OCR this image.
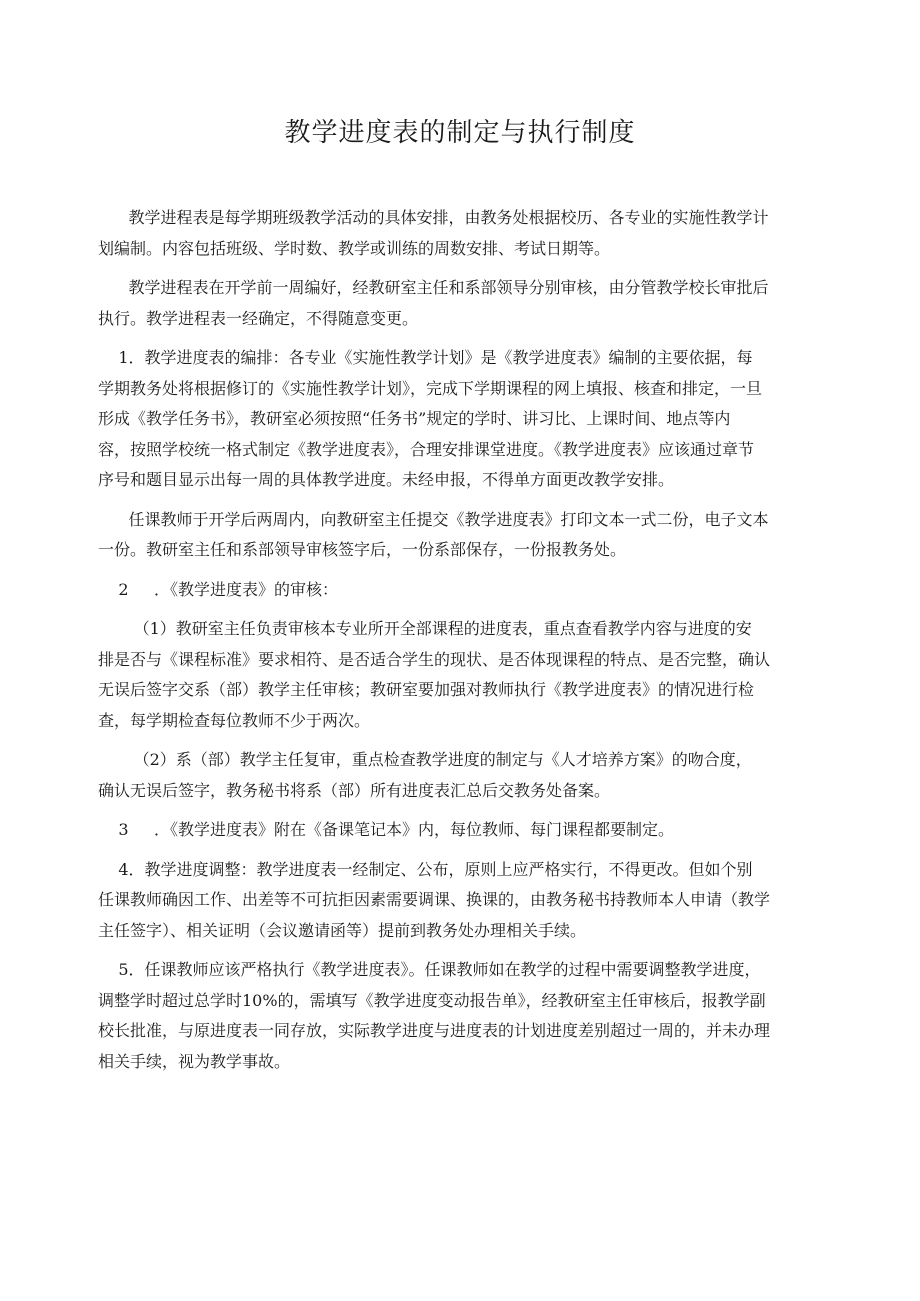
教学进度表的制定与执行制度
教学进程表是每学期班级教学活动的具体安排，由教务处根据校历、各专业的实施性教学计
划编制。内容包括班级、学时数、教学或训练的周数安排、考试日期等。
教学进程表在开学前一周编好，经教研室主任和系部领导分别审核，由分管教学校长审批后
执行。教学进程表一经确定，不得随意变更。
1．教学进度表的编排：各专业《实施性教学计划》是《教学进度表》编制的主要依据，每
学期教务处将根据修订的《实施性教学计划》，完成下学期课程的网上填报、核查和排定，一旦
形成《教学任务书》，教研室必须按照“任务书”规定的学时、讲习比、上课时间、地点等内
容，按照学校统一格式制定《教学进度表》，合理安排课堂进度。《教学进度表》应该通过章节
序号和题目显示出每一周的具体教学进度。未经申报，不得单方面更改教学安排。
任课教师于开学后两周内，向教研室主任提交《教学进度表》打印文本一式二份，电子文本
一份。教研室主任和系部领导审核签字后，一份系部保存，一份报教务处。
2     ．《教学进度表》的审核：
（1）教研室主任负责审核本专业所开全部课程的进度表，重点查看教学内容与进度的安
排是否与《课程标准》要求相符、是否适合学生的现状、是否体现课程的特点、是否完整，确认
无误后签字交系（部）教学主任审核；教研室要加强对教师执行《教学进度表》的情况进行检
查，每学期检查每位教师不少于两次。
（2）系（部）教学主任复审，重点检查教学进度的制定与《人才培养方案》的吻合度，
确认无误后签字，教务秘书将系（部）所有进度表汇总后交教务处备案。
3     ．《教学进度表》附在《备课笔记本》内，每位教师、每门课程都要制定。
4．教学进度调整：教学进度表一经制定、公布，原则上应严格实行，不得更改。但如个别
任课教师确因工作、出差等不可抗拒因素需要调课、换课的，由教务秘书持教师本人申请（教学
主任签字）、相关证明（会议邀请函等）提前到教务处办理相关手续。
5．任课教师应该严格执行《教学进度表》。任课教师如在教学的过程中需要调整教学进度，
调整学时超过总学时10%的，需填写《教学进度变动报告单》，经教研室主任审核后，报教学副
校长批准，与原进度表一同存放，实际教学进度与进度表的计划进度差别超过一周的，并未办理
相关手续，视为教学事故。
